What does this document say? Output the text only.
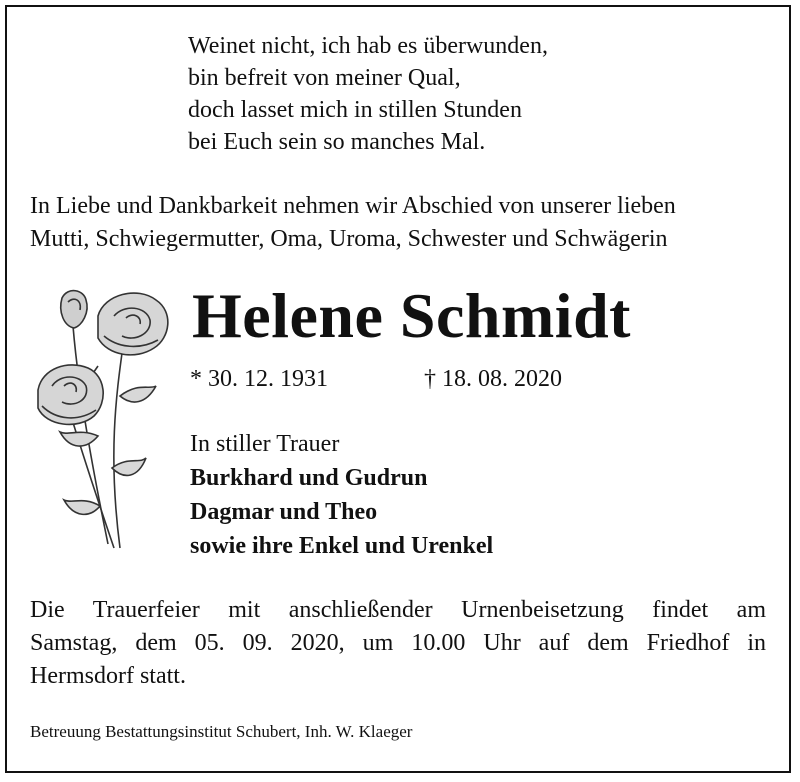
Weinet nicht, ich hab es überwunden,
bin befreit von meiner Qual,
doch lasset mich in stillen Stunden
bei Euch sein so manches Mal.
In Liebe und Dankbarkeit nehmen wir Abschied von unserer lieben
Mutti, Schwiegermutter, Oma, Uroma, Schwester und Schwägerin
Helene Schmidt
* 30. 12. 1931	† 18. 08. 2020
In stiller Trauer
Burkhard und Gudrun
Dagmar und Theo
sowie ihre Enkel und Urenkel
Die Trauerfeier mit anschließender Urnenbeisetzung findet am
Samstag, dem 05. 09. 2020, um 10.00 Uhr auf dem Friedhof in
Hermsdorf statt.
Betreuung Bestattungsinstitut Schubert, Inh. W. Klaeger
